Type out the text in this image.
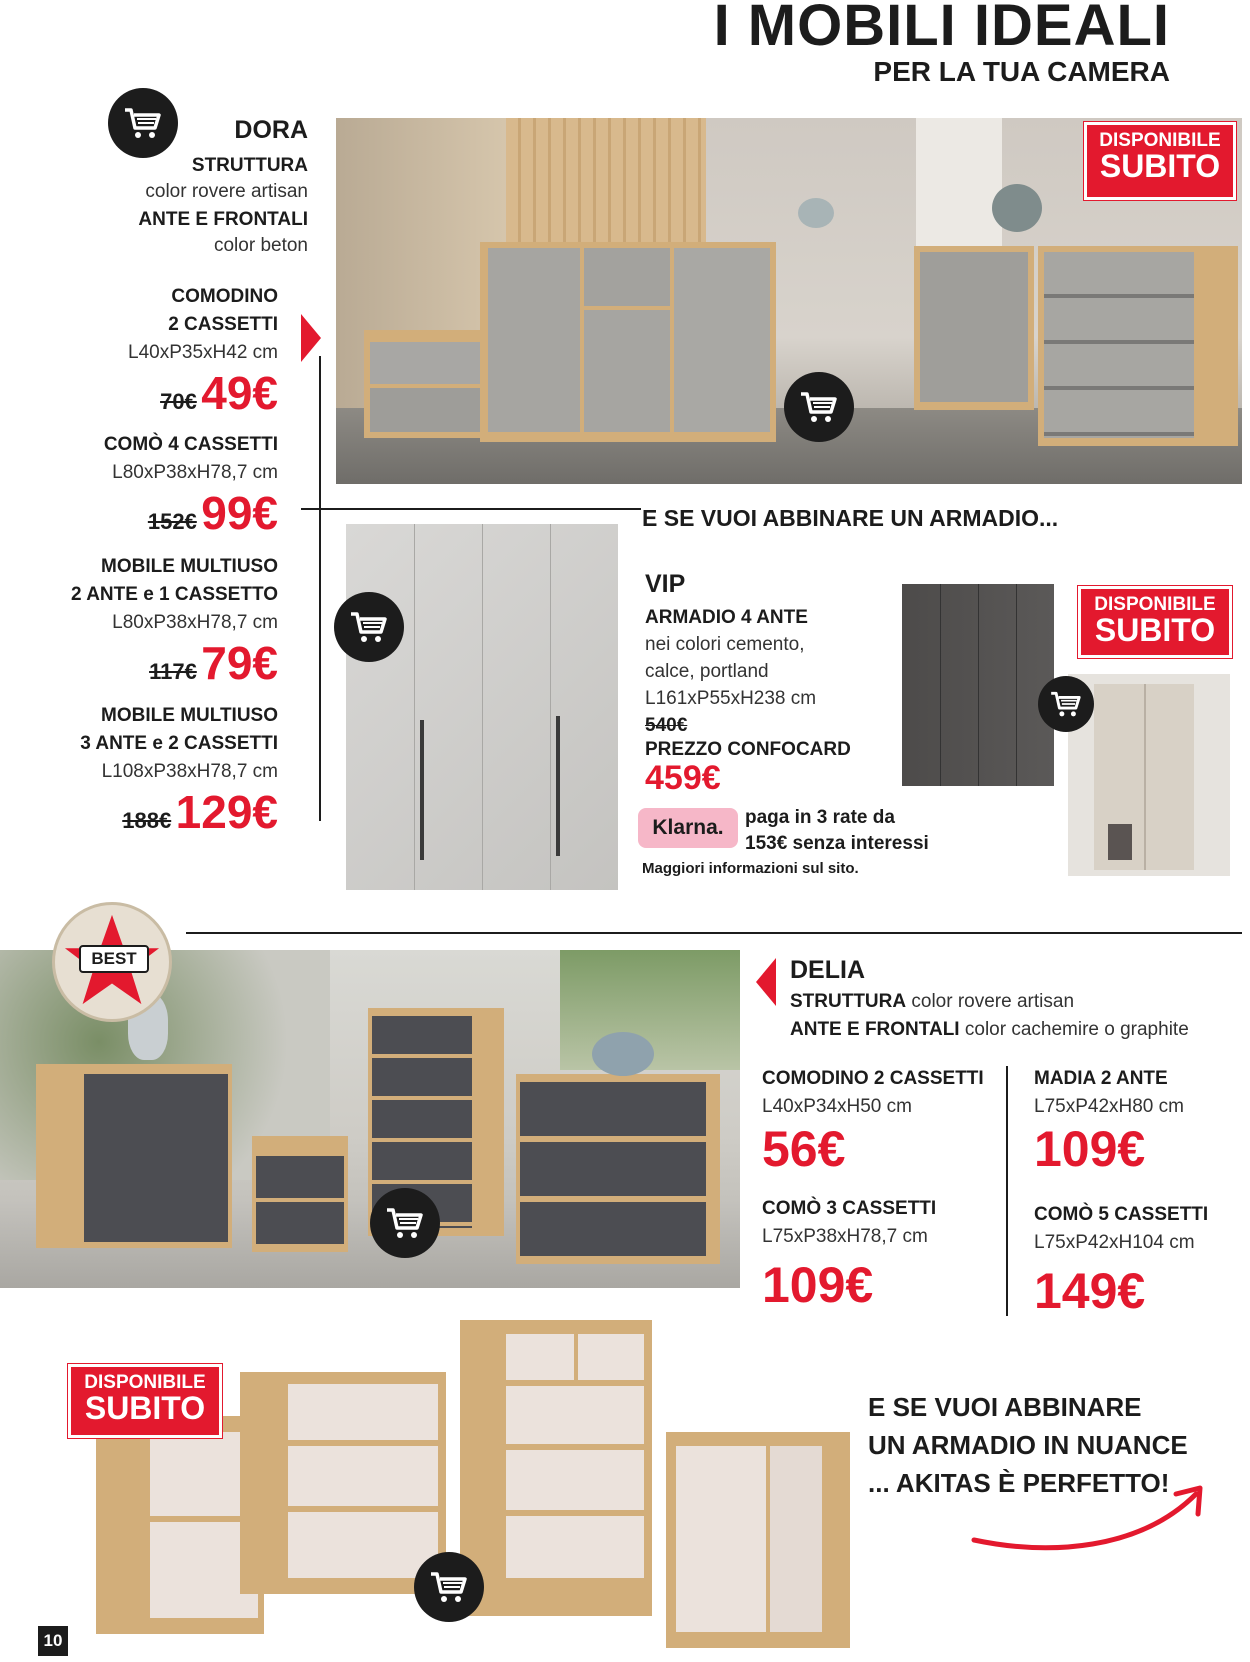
I MOBILI IDEALI
PER LA TUA CAMERA
DORA
STRUTTURA
color rovere artisan
ANTE E FRONTALI
color beton
COMODINO
2 CASSETTI
L40xP35xH42 cm
70€ 49€
COMÒ 4 CASSETTI
L80xP38xH78,7 cm
152€ 99€
MOBILE MULTIUSO
2 ANTE e 1 CASSETTO
L80xP38xH78,7 cm
117€ 79€
MOBILE MULTIUSO
3 ANTE e 2 CASSETTI
L108xP38xH78,7 cm
188€ 129€
DISPONIBILE
SUBITO
E SE VUOI ABBINARE UN ARMADIO...
VIP
ARMADIO 4 ANTE
nei colori cemento,
calce, portland
L161xP55xH238 cm
540€
PREZZO CONFOCARD
459€
Klarna.	paga in 3 rate da
153€ senza interessi
Maggiori informazioni sul sito.
DISPONIBILE
SUBITO
BEST	DELIA
STRUTTURA color rovere artisan
ANTE E FRONTALI color cachemire o graphite
COMODINO 2 CASSETTI
L40xP34xH50 cm
56€
MADIA 2 ANTE
L75xP42xH80 cm
109€
COMÒ 3 CASSETTI
L75xP38xH78,7 cm
109€
COMÒ 5 CASSETTI
L75xP42xH104 cm
149€
DISPONIBILE
SUBITO	E SE VUOI ABBINARE
UN ARMADIO IN NUANCE
... AKITAS È PERFETTO!
10
